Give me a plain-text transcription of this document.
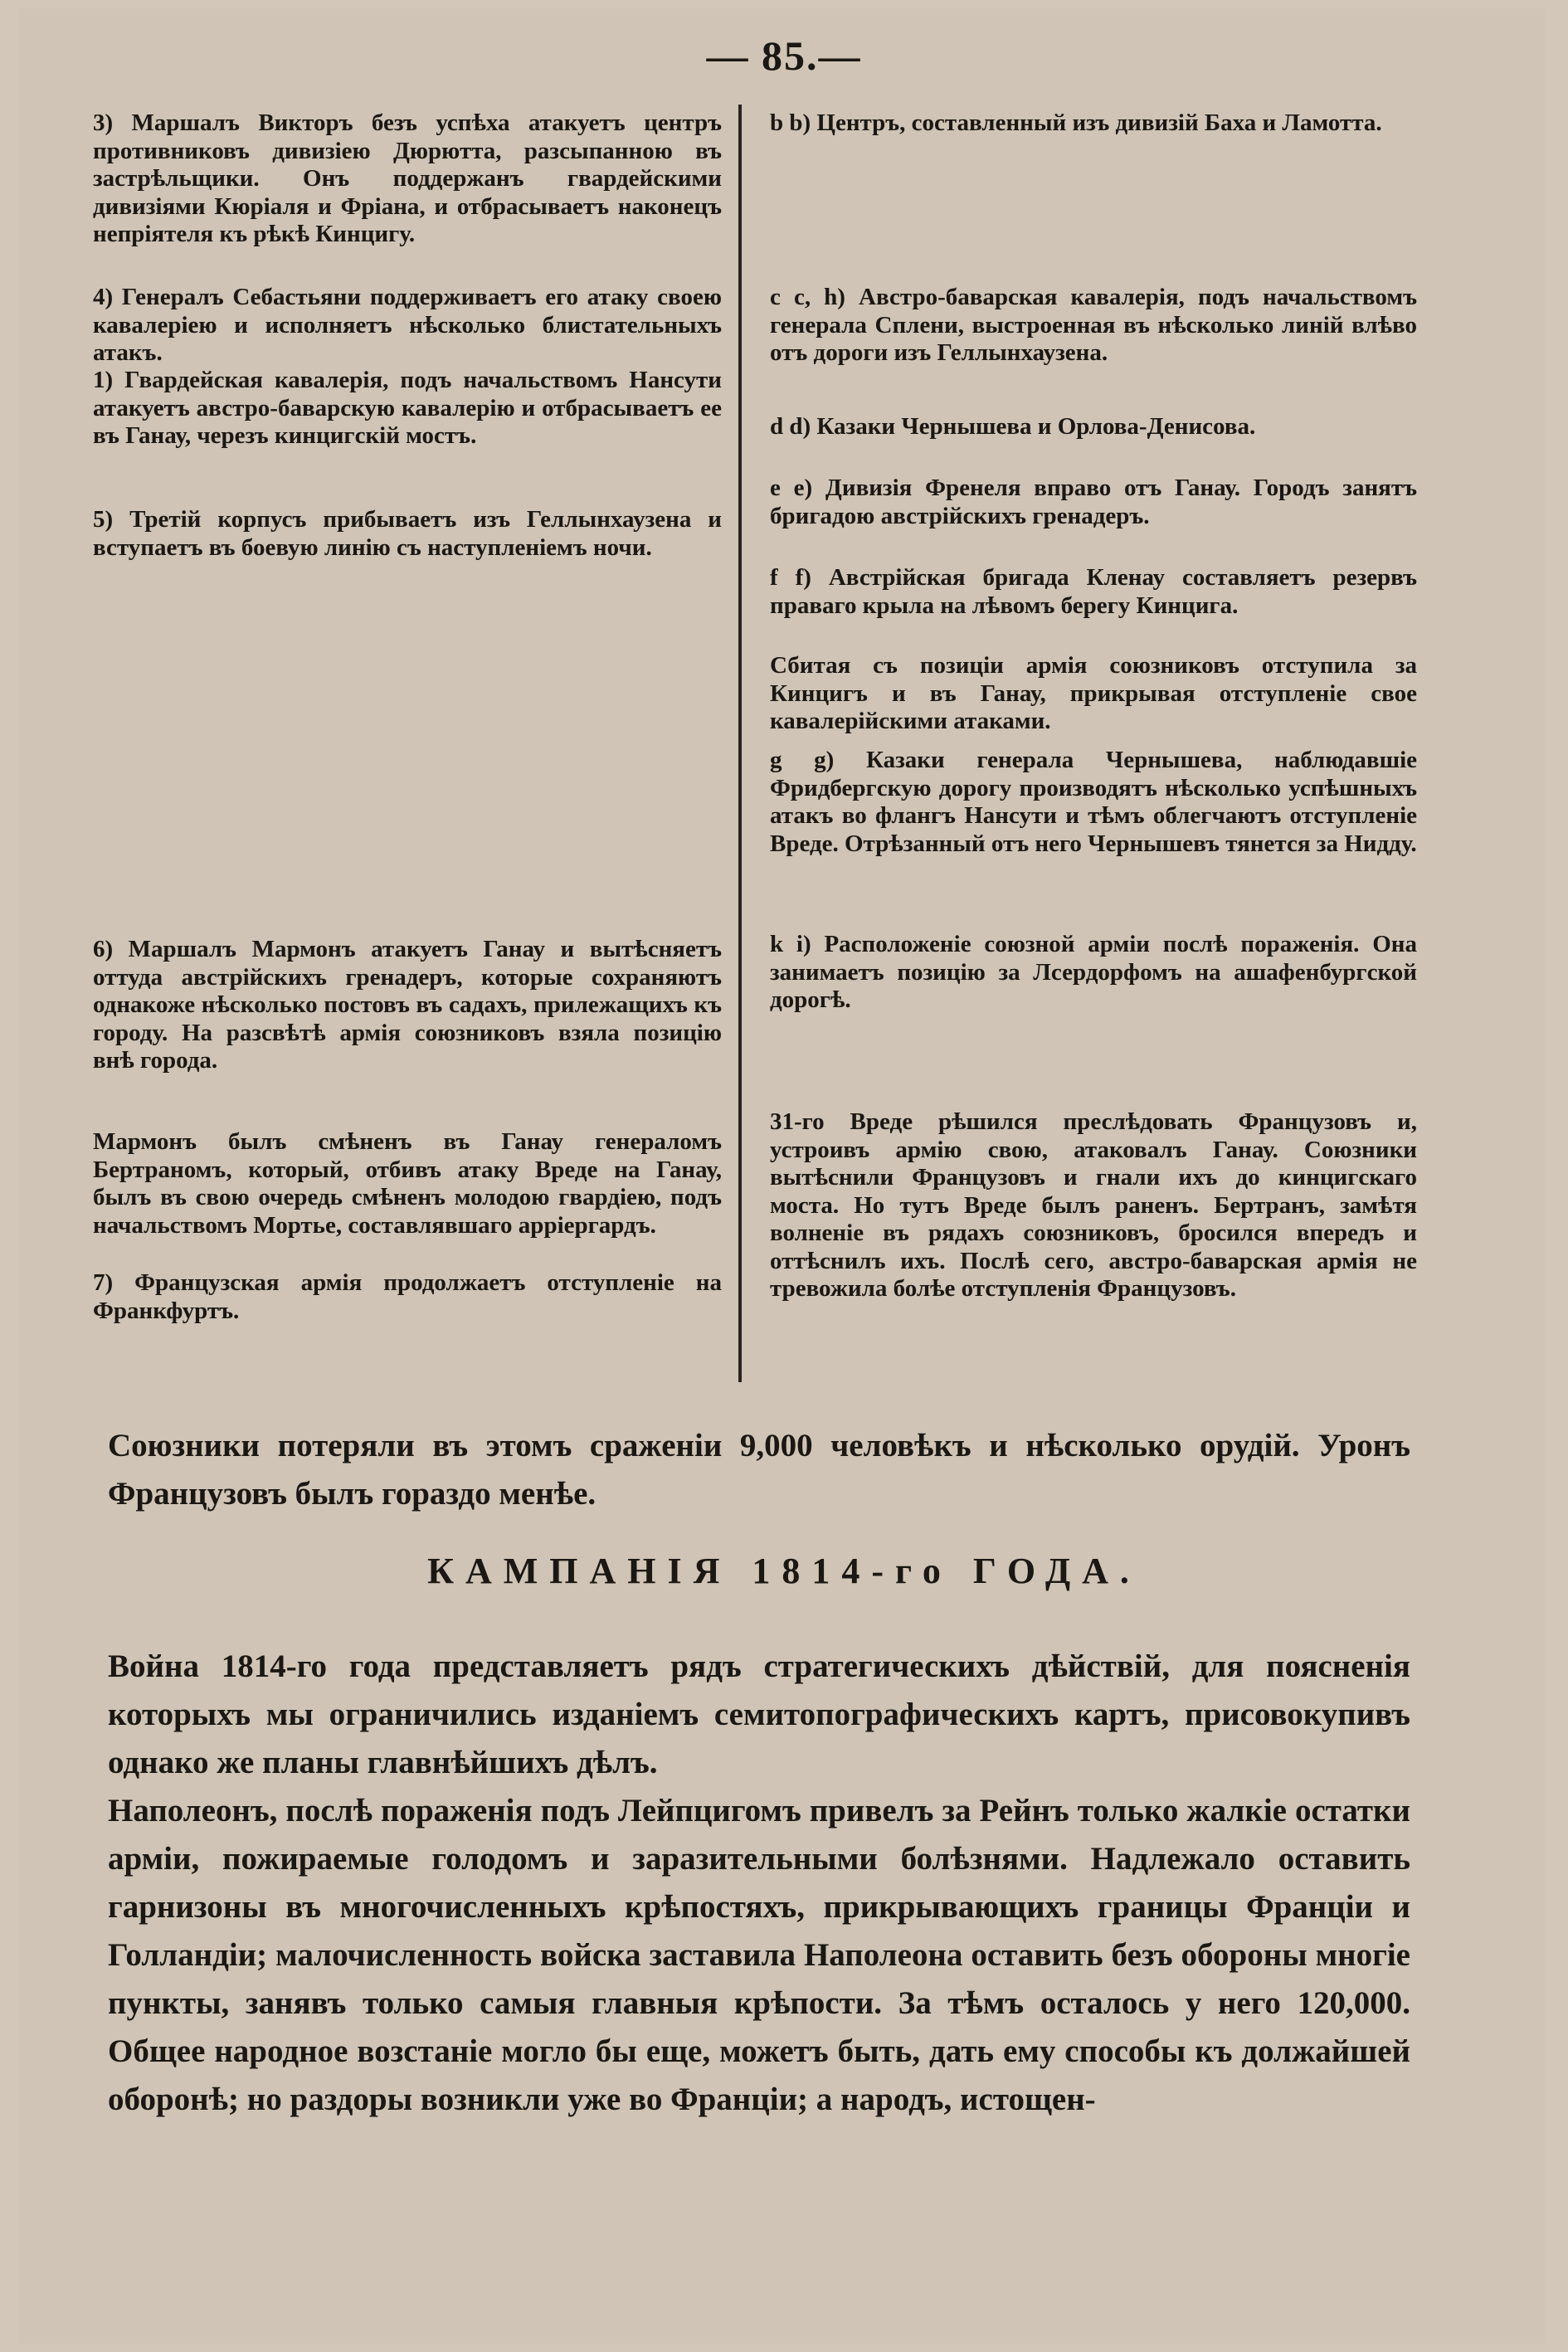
— 85.—

3) Маршалъ Викторъ безъ успѣха атакуетъ центръ противниковъ дивизіею Дюрютта, разсыпанною въ застрѣльщики. Онъ поддержанъ гвардейскими дивизіями Кюріаля и Фріана, и отбрасываетъ наконецъ непріятеля къ рѣкѣ Кинцигу.

4) Генералъ Себастьяни поддерживаетъ его атаку своею кавалеріею и исполняетъ нѣсколько блистательныхъ атакъ.

1) Гвардейская кавалерія, подъ начальствомъ Нансути атакуетъ австро-баварскую кавалерію и отбрасываетъ ее въ Ганау, черезъ кинцигскій мостъ.

5) Третій корпусъ прибываетъ изъ Геллынхаузена и вступаетъ въ боевую линію съ наступленіемъ ночи.

6) Маршалъ Мармонъ атакуетъ Ганау и вытѣсняетъ оттуда австрійскихъ гренадеръ, которые сохраняютъ однакоже нѣсколько постовъ въ садахъ, прилежащихъ къ городу. На разсвѣтѣ армія союзниковъ взяла позицію внѣ города.

Мармонъ былъ смѣненъ въ Ганау генераломъ Бертраномъ, который, отбивъ атаку Вреде на Ганау, былъ въ свою очередь смѣненъ молодою гвардіею, подъ начальствомъ Мортье, составлявшаго арріергардъ.

7) Французская армія продолжаетъ отступленіе на Франкфуртъ.

b b) Центръ, составленный изъ дивизій Баха и Ламотта.

c c, h) Австро-баварская кавалерія, подъ начальствомъ генерала Сплени, выстроенная въ нѣсколько линій влѣво отъ дороги изъ Геллынхаузена.

d d) Казаки Чернышева и Орлова-Денисова.

e e) Дивизія Френеля вправо отъ Ганау. Городъ занятъ бригадою австрійскихъ гренадеръ.

f f) Австрійская бригада Кленау составляетъ резервъ праваго крыла на лѣвомъ берегу Кинцига.

Сбитая съ позиціи армія союзниковъ отступила за Кинцигъ и въ Ганау, прикрывая отступленіе свое кавалерійскими атаками.

g g) Казаки генерала Чернышева, наблюдавшіе Фридбергскую дорогу производятъ нѣсколько успѣшныхъ атакъ во флангъ Нансути и тѣмъ облегчаютъ отступленіе Вреде. Отрѣзанный отъ него Чернышевъ тянется за Нидду.

k i) Расположеніе союзной арміи послѣ пораженія. Она занимаетъ позицію за Лсердорфомъ на ашафенбургской дорогѣ.

31-го Вреде рѣшился преслѣдовать Французовъ и, устроивъ армію свою, атаковалъ Ганау. Союзники вытѣснили Французовъ и гнали ихъ до кинцигскаго моста. Но тутъ Вреде былъ раненъ. Бертранъ, замѣтя волненіе въ рядахъ союзниковъ, бросился впередъ и оттѣснилъ ихъ. Послѣ сего, австро-баварская армія не тревожила болѣе отступленія Французовъ.

Союзники потеряли въ этомъ сраженіи 9,000 человѣкъ и нѣсколько орудій. Уронъ Французовъ былъ гораздо менѣе.

КАМПАНІЯ 1814-го ГОДА.

Война 1814-го года представляетъ рядъ стратегическихъ дѣйствій, для поясненія которыхъ мы ограничились изданіемъ семитопографическихъ картъ, присовокупивъ однако же планы главнѣйшихъ дѣлъ.

Наполеонъ, послѣ пораженія подъ Лейпцигомъ привелъ за Рейнъ только жалкіе остатки арміи, пожираемые голодомъ и заразительными болѣзнями. Надлежало оставить гарнизоны въ многочисленныхъ крѣпостяхъ, прикрывающихъ границы Франціи и Голландіи; малочисленность войска заставила Наполеона оставить безъ обороны многіе пункты, занявъ только самыя главныя крѣпости. За тѣмъ осталось у него 120,000. Общее народное возстаніе могло бы еще, можетъ быть, дать ему способы къ должайшей оборонѣ; но раздоры возникли уже во Франціи; а народъ, истощен-
